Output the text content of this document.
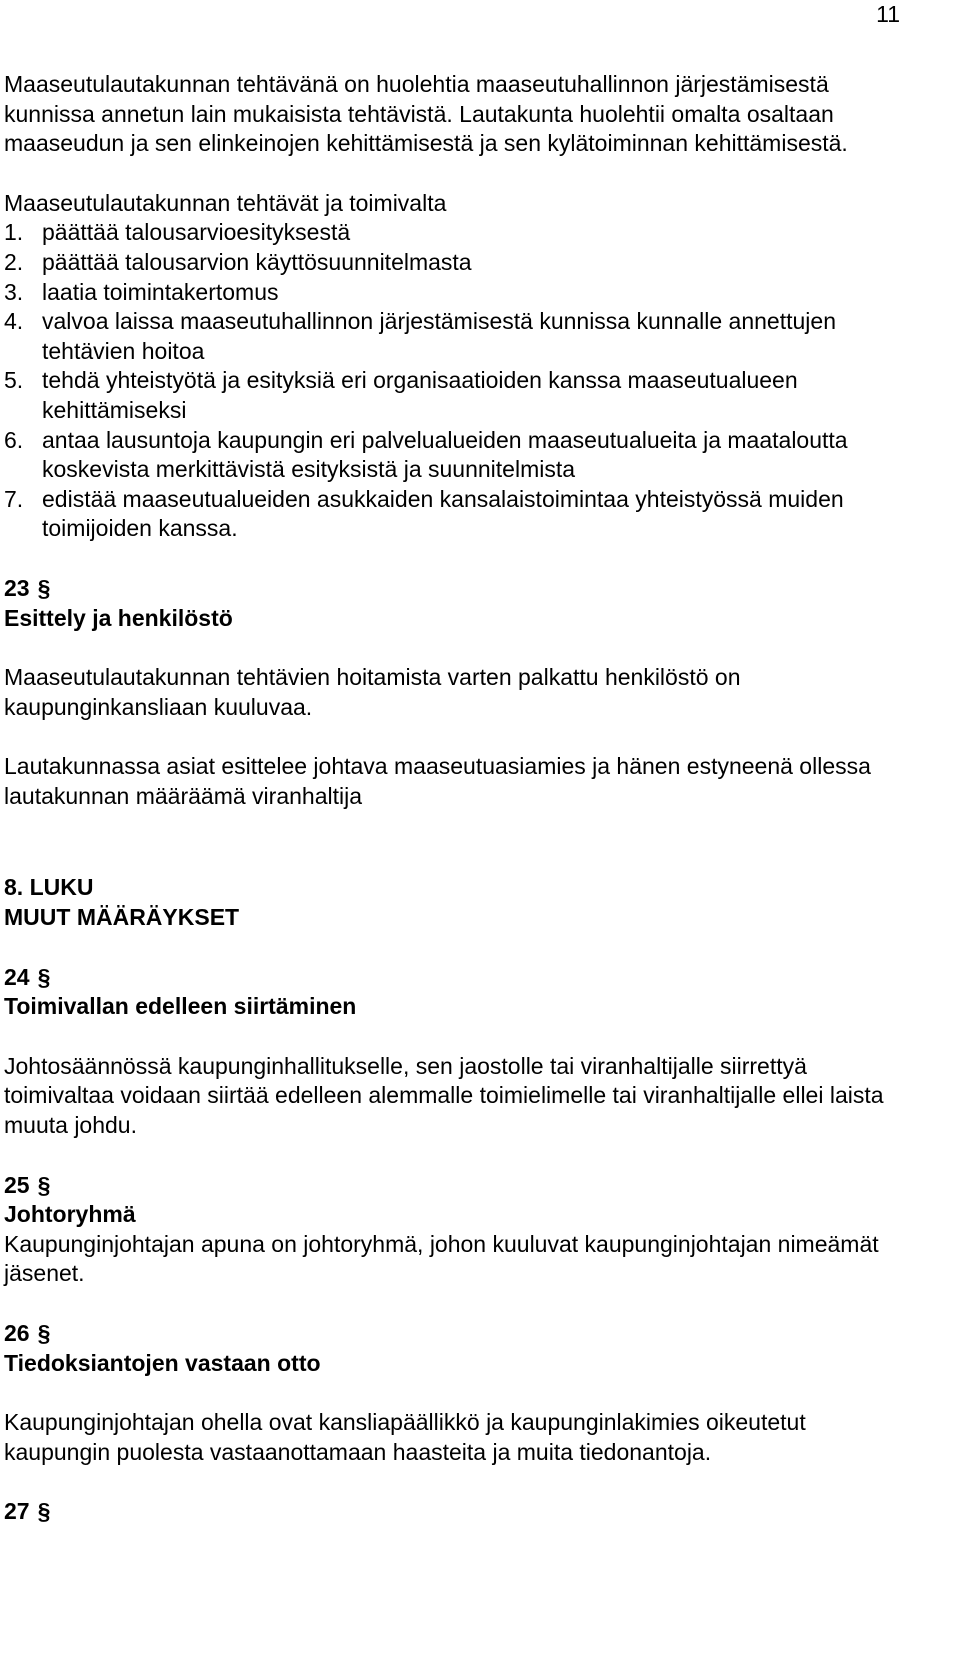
11

Maaseutulautakunnan tehtävänä on huolehtia maaseutuhallinnon järjestämisestä kunnissa annetun lain mukaisista tehtävistä. Lautakunta huolehtii omalta osaltaan maaseudun ja sen elinkeinojen kehittämisestä ja sen kylätoiminnan kehittämisestä.

Maaseutulautakunnan tehtävät ja toimivalta

1. päättää talousarvioesityksestä
2. päättää talousarvion käyttösuunnitelmasta
3. laatia toimintakertomus
4. valvoa laissa maaseutuhallinnon järjestämisestä kunnissa kunnalle annettujen tehtävien hoitoa
5. tehdä yhteistyötä ja esityksiä eri organisaatioiden kanssa maaseutualueen kehittämiseksi
6. antaa lausuntoja kaupungin eri palvelualueiden maaseutualueita ja maataloutta koskevista merkittävistä esityksistä ja suunnitelmista
7. edistää maaseutualueiden asukkaiden kansalaistoimintaa yhteistyössä muiden toimijoiden kanssa.

23 §

Esittely ja henkilöstö

Maaseutulautakunnan tehtävien hoitamista varten palkattu henkilöstö on kaupunginkansliaan kuuluvaa.

Lautakunnassa asiat esittelee johtava maaseutuasiamies ja hänen estyneenä ollessa lautakunnan määräämä viranhaltija

8. LUKU

MUUT MÄÄRÄYKSET

24 §

Toimivallan edelleen siirtäminen

Johtosäännössä kaupunginhallitukselle, sen jaostolle tai viranhaltijalle siirrettyä toimivaltaa voidaan siirtää edelleen alemmalle toimielimelle tai viranhaltijalle ellei laista muuta johdu.

25 §

Johtoryhmä

Kaupunginjohtajan apuna on johtoryhmä, johon kuuluvat kaupunginjohtajan nimeämät jäsenet.

26 §

Tiedoksiantojen vastaan otto

Kaupunginjohtajan ohella ovat kansliapäällikkö ja kaupunginlakimies oikeutetut kaupungin puolesta vastaanottamaan haasteita ja muita tiedonantoja.

27 §
